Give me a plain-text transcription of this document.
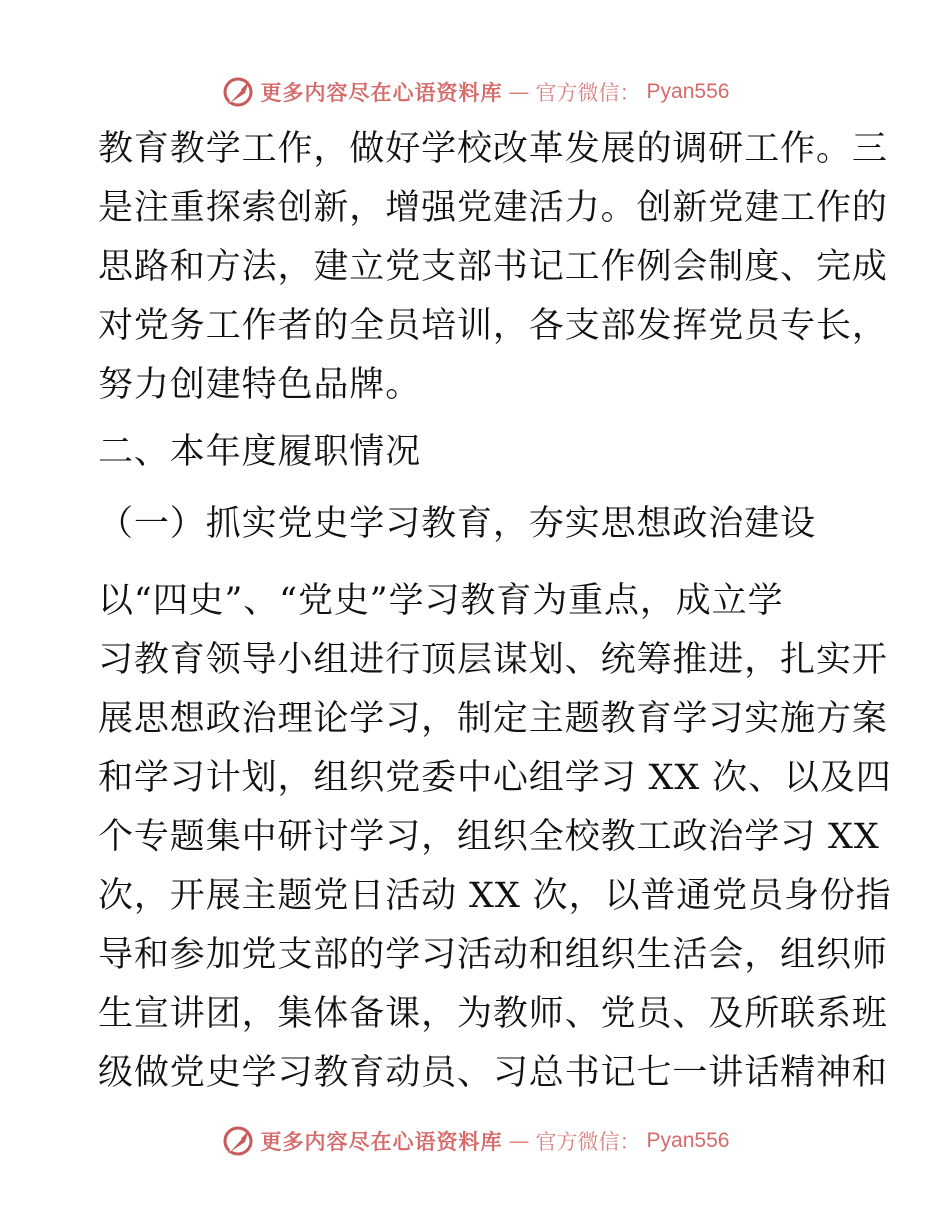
更多内容尽在心语资料库 — 官方微信： Pyan556
教育教学工作，做好学校改革发展的调研工作。三
是注重探索创新，增强党建活力。创新党建工作的
思路和方法，建立党支部书记工作例会制度、完成
对党务工作者的全员培训，各支部发挥党员专长，
努力创建特色品牌。
二、本年度履职情况
（一）抓实党史学习教育，夯实思想政治建设
以“四史”、“党史”学习教育为重点，成立学
习教育领导小组进行顶层谋划、统筹推进，扎实开
展思想政治理论学习，制定主题教育学习实施方案
和学习计划，组织党委中心组学习 XX 次、以及四
个专题集中研讨学习，组织全校教工政治学习 XX
次，开展主题党日活动 XX 次，以普通党员身份指
导和参加党支部的学习活动和组织生活会，组织师
生宣讲团，集体备课，为教师、党员、及所联系班
级做党史学习教育动员、习总书记七一讲话精神和
更多内容尽在心语资料库 — 官方微信： Pyan556
